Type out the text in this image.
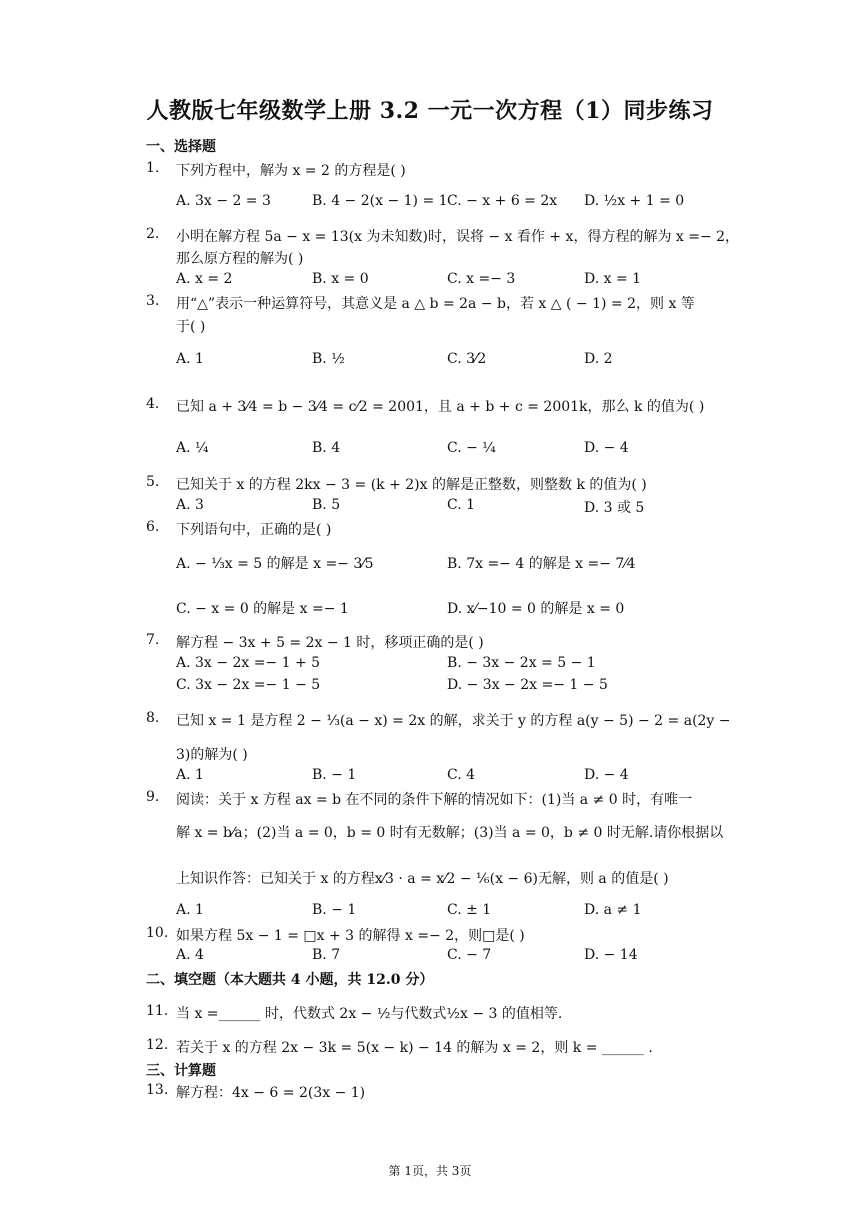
人教版七年级数学上册 3.2 一元一次方程（1）同步练习
一、选择题
1. 下列方程中，解为 x = 2 的方程是( )
A. 3x − 2 = 3	B. 4 − 2(x − 1) = 1 C. − x + 6 = 2x D. ½x + 1 = 0
2. 小明在解方程 5a − x = 13(x 为未知数)时，误将 − x 看作 + x，得方程的解为 x =− 2，
那么原方程的解为( )
A. x = 2	B. x = 0	C. x =− 3	D. x = 1
3. 用“△”表示一种运算符号，其意义是 a △ b = 2a − b，若 x △ ( − 1) = 2，则 x 等
于( )
A. 1	B. ½	C. 3⁄2	D. 2
4. 已知 a + 3⁄4 = b − 3⁄4 = c⁄2 = 2001，且 a + b + c = 2001k，那么 k 的值为( )
A. ¼	B. 4	C. − ¼	D. − 4
5. 已知关于 x 的方程 2kx − 3 = (k + 2)x 的解是正整数，则整数 k 的值为( )
A. 3	B. 5	C. 1	D. 3 或 5
6. 下列语句中，正确的是( )
A. − ⅓x = 5 的解是 x =− 3⁄5	B. 7x =− 4 的解是 x =− 7⁄4
C. − x = 0 的解是 x =− 1	D. x⁄−10 = 0 的解是 x = 0
7. 解方程 − 3x + 5 = 2x − 1 时，移项正确的是( )
A. 3x − 2x =− 1 + 5	B. − 3x − 2x = 5 − 1
C. 3x − 2x =− 1 − 5	D. − 3x − 2x =− 1 − 5
8. 已知 x = 1 是方程 2 − ⅓(a − x) = 2x 的解，求关于 y 的方程 a(y − 5) − 2 = a(2y −
3)的解为( )
A. 1	B. − 1	C. 4	D. − 4
9. 阅读：关于 x 方程 ax = b 在不同的条件下解的情况如下：(1)当 a ≠ 0 时，有唯一
解 x = b⁄a；(2)当 a = 0，b = 0 时有无数解；(3)当 a = 0，b ≠ 0 时无解.请你根据以
上知识作答：已知关于 x 的方程x⁄3 · a = x⁄2 − ⅙(x − 6)无解，则 a 的值是( )
A. 1	B. − 1	C. ± 1	D. a ≠ 1
10. 如果方程 5x − 1 = □x + 3 的解得 x =− 2，则□是( )
A. 4	B. 7	C. − 7	D. − 14
二、填空题（本大题共 4 小题，共 12.0 分）
11. 当 x =______ 时，代数式 2x − ½与代数式½x − 3 的值相等.
12. 若关于 x 的方程 2x − 3k = 5(x − k) − 14 的解为 x = 2，则 k = ______ .
三、计算题
13. 解方程：4x − 6 = 2(3x − 1)
第 1页，共 3页
